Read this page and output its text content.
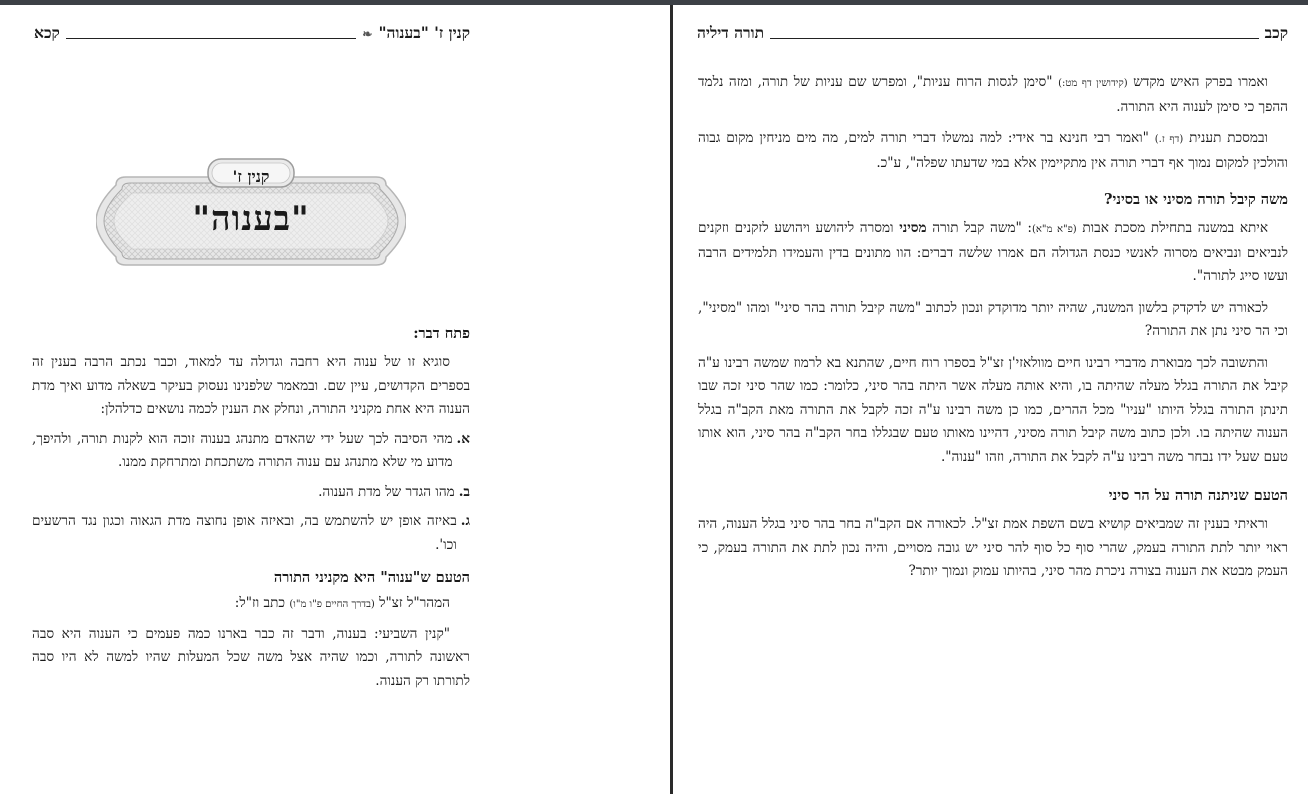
קנין ז' "בענוה"
❧
קכא
קנין ז'
"בענוה"
פתח דבר:

סוגיא זו של ענוה היא רחבה וגדולה עד למאוד, וכבר נכתב הרבה בענין זה בספרים הקדושים, עיין שם. ובמאמר שלפנינו נעסוק בעיקר בשאלה מדוע ואיך מדת הענוה היא אחת מקניני התורה, ונחלק את הענין לכמה נושאים כדלהלן:

א.
מהי הסיבה לכך שעל ידי שהאדם מתנהג בענוה זוכה הוא לקנות תורה, ולהיפך, מדוע מי שלא מתנהג עם ענוה התורה משתכחת ומתרחקת ממנו.
ב.
מהו הגדר של מדת הענוה.
ג.
באיזה אופן יש להשתמש בה, ובאיזה אופן נחוצה מדת הגאוה וכגון נגד הרשעים וכו'.
הטעם ש"ענוה" היא מקניני התורה

המהר"ל זצ"ל (בדרך החיים פ"ו מ"ו) כתב וז"ל:

"קנין השביעי: בענוה, ודבר זה כבר בארנו כמה פעמים כי הענוה היא סבה ראשונה לתורה, וכמו שהיה אצל משה שכל המעלות שהיו למשה לא היו סבה לתורתו רק הענוה.

קכב
תורה דיליה

ואמרו בפרק האיש מקדש (קידושין דף מט:) "סימן לגסות הרוח עניות", ומפרש שם עניות של תורה, ומזה נלמד ההפך כי סימן לענוה היא התורה.

ובמסכת תענית (דף ז.) "ואמר רבי חנינא בר אידי: למה נמשלו דברי תורה למים, מה מים מניחין מקום גבוה והולכין למקום נמוך אף דברי תורה אין מתקיימין אלא במי שדעתו שפלה", ע"כ.

משה קיבל תורה מסיני או בסיני?

איתא במשנה בתחילת מסכת אבות (פ"א מ"א): "משה קבל תורה מסיני ומסרה ליהושע ויהושע לזקנים וזקנים לנביאים ונביאים מסרוה לאנשי כנסת הגדולה הם אמרו שלשה דברים: הוו מתונים בדין והעמידו תלמידים הרבה ועשו סייג לתורה".

לכאורה יש לדקדק בלשון המשנה, שהיה יותר מדוקדק ונכון לכתוב "משה קיבל תורה בהר סיני" ומהו "מסיני", וכי הר סיני נתן את התורה?

והתשובה לכך מבוארת מדברי רבינו חיים מוולאזי'ן זצ"ל בספרו רוח חיים, שהתנא בא לרמוז שמשה רבינו ע"ה קיבל את התורה בגלל מעלה שהיתה בו, והיא אותה מעלה אשר היתה בהר סיני, כלומר: כמו שהר סיני זכה שבו תינתן התורה בגלל היותו "עניו" מכל ההרים, כמו כן משה רבינו ע"ה זכה לקבל את התורה מאת הקב"ה בגלל הענוה שהיתה בו. ולכן כתוב משה קיבל תורה מסיני, דהיינו מאותו טעם שבגללו בחר הקב"ה בהר סיני, הוא אותו טעם שעל ידו נבחר משה רבינו ע"ה לקבל את התורה, וזהו "ענוה".

הטעם שניתנה תורה על הר סיני

וראיתי בענין זה שמביאים קושיא בשם השפת אמת זצ"ל. לכאורה אם הקב"ה בחר בהר סיני בגלל הענוה, היה ראוי יותר לתת התורה בעמק, שהרי סוף כל סוף להר סיני יש גובה מסויים, והיה נכון לתת את התורה בעמק, כי העמק מבטא את הענוה בצורה ניכרת מהר סיני, בהיותו עמוק ונמוך יותר?
